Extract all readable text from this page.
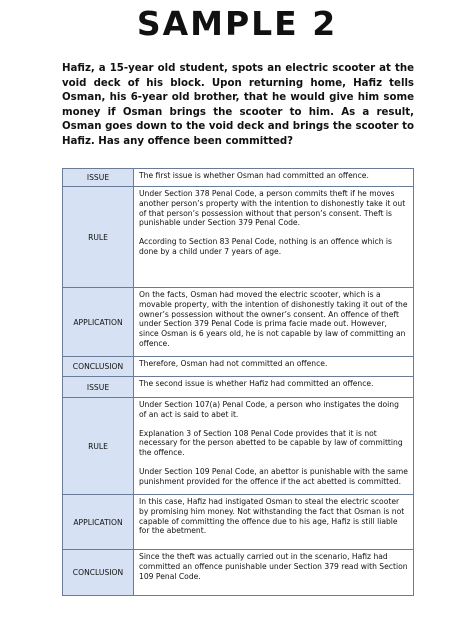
SAMPLE 2
Hafiz, a 15-year old student, spots an electric scooter at the void deck of his block. Upon returning home, Hafiz tells Osman, his 6-year old brother, that he would give him some money if Osman brings the scooter to him. As a result, Osman goes down to the void deck and brings the scooter to Hafiz. Has any offence been committed?
ISSUE	The first issue is whether Osman had committed an offence.

RULE	Under Section 378 Penal Code, a person commits theft if he moves another person’s property with the intention to dishonestly take it out of that person’s possession without that person’s consent. Theft is punishable under Section 379 Penal Code.

According to Section 83 Penal Code, nothing is an offence which is done by a child under 7 years of age.

APPLICATION	On the facts, Osman had moved the electric scooter, which is a movable property, with the intention of dishonestly taking it out of the owner’s possession without the owner’s consent. An offence of theft under Section 379 Penal Code is prima facie made out. However, since Osman is 6 years old, he is not capable by law of committing an offence.

CONCLUSION	Therefore, Osman had not committed an offence.

ISSUE	The second issue is whether Hafiz had committed an offence.

RULE	Under Section 107(a) Penal Code, a person who instigates the doing of an act is said to abet it.

Explanation 3 of Section 108 Penal Code provides that it is not necessary for the person abetted to be capable by law of committing the offence.

Under Section 109 Penal Code, an abettor is punishable with the same punishment provided for the offence if the act abetted is committed.

APPLICATION	In this case, Hafiz had instigated Osman to steal the electric scooter by promising him money. Not withstanding the fact that Osman is not capable of committing the offence due to his age, Hafiz is still liable for the abetment.

CONCLUSION	Since the theft was actually carried out in the scenario, Hafiz had committed an offence punishable under Section 379 read with Section 109 Penal Code.
